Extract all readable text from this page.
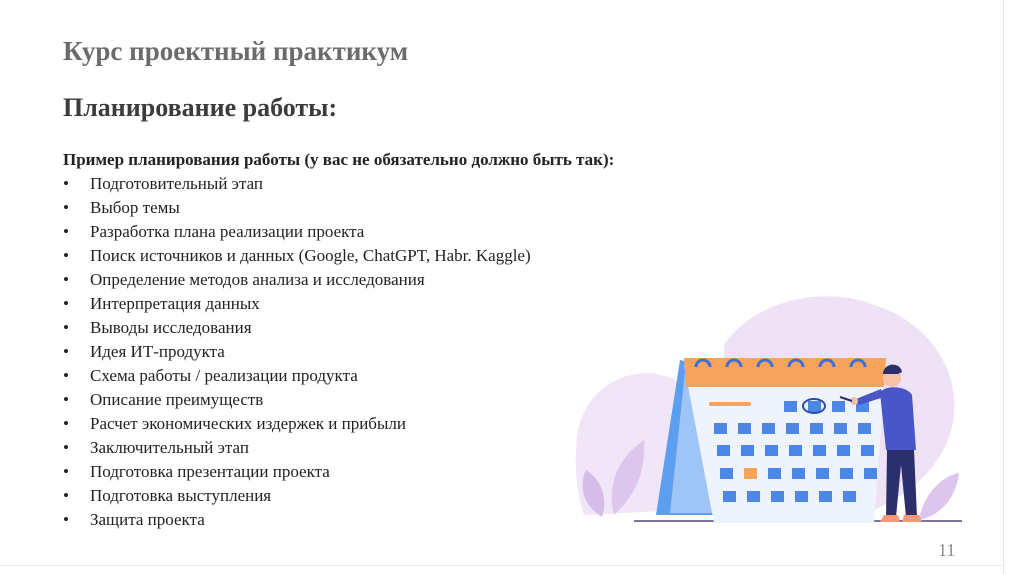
Курс проектный практикум
Планирование работы:

Пример планирования работы (у вас не обязательно должно быть так):

• Подготовительный этап
• Выбор темы
• Разработка плана реализации проекта
• Поиск источников и данных (Google, ChatGPT, Habr. Kaggle)
• Определение методов анализа и исследования
• Интерпретация данных
• Выводы исследования
• Идея ИТ-продукта
• Схема работы / реализации продукта
• Описание преимуществ
• Расчет экономических издержек и прибыли
• Заключительный этап
• Подготовка презентации проекта
• Подготовка выступления
• Защита проекта

11
